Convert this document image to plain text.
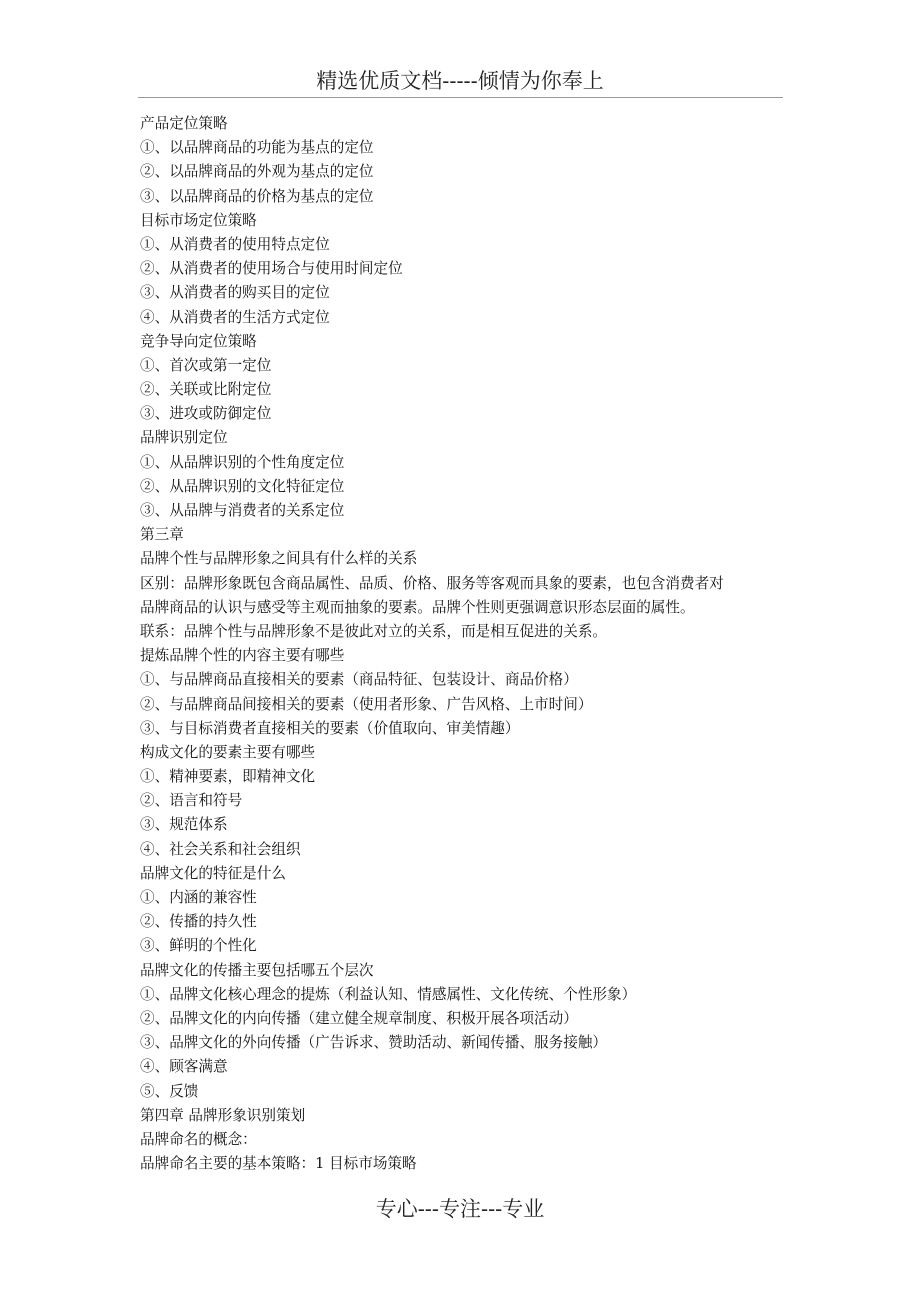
精选优质文档-----倾情为你奉上
产品定位策略
①、以品牌商品的功能为基点的定位
②、以品牌商品的外观为基点的定位
③、以品牌商品的价格为基点的定位
目标市场定位策略
①、从消费者的使用特点定位
②、从消费者的使用场合与使用时间定位
③、从消费者的购买目的定位
④、从消费者的生活方式定位
竞争导向定位策略
①、首次或第一定位
②、关联或比附定位
③、进攻或防御定位
品牌识别定位
①、从品牌识别的个性角度定位
②、从品牌识别的文化特征定位
③、从品牌与消费者的关系定位
第三章
品牌个性与品牌形象之间具有什么样的关系
区别：品牌形象既包含商品属性、品质、价格、服务等客观而具象的要素，也包含消费者对
品牌商品的认识与感受等主观而抽象的要素。品牌个性则更强调意识形态层面的属性。
联系：品牌个性与品牌形象不是彼此对立的关系，而是相互促进的关系。
提炼品牌个性的内容主要有哪些
①、与品牌商品直接相关的要素（商品特征、包装设计、商品价格）
②、与品牌商品间接相关的要素（使用者形象、广告风格、上市时间）
③、与目标消费者直接相关的要素（价值取向、审美情趣）
构成文化的要素主要有哪些
①、精神要素，即精神文化
②、语言和符号
③、规范体系
④、社会关系和社会组织
品牌文化的特征是什么
①、内涵的兼容性
②、传播的持久性
③、鲜明的个性化
品牌文化的传播主要包括哪五个层次
①、品牌文化核心理念的提炼（利益认知、情感属性、文化传统、个性形象）
②、品牌文化的内向传播（建立健全规章制度、积极开展各项活动）
③、品牌文化的外向传播（广告诉求、赞助活动、新闻传播、服务接触）
④、顾客满意
⑤、反馈
第四章 品牌形象识别策划
品牌命名的概念：
品牌命名主要的基本策略：1 目标市场策略
专心---专注---专业
